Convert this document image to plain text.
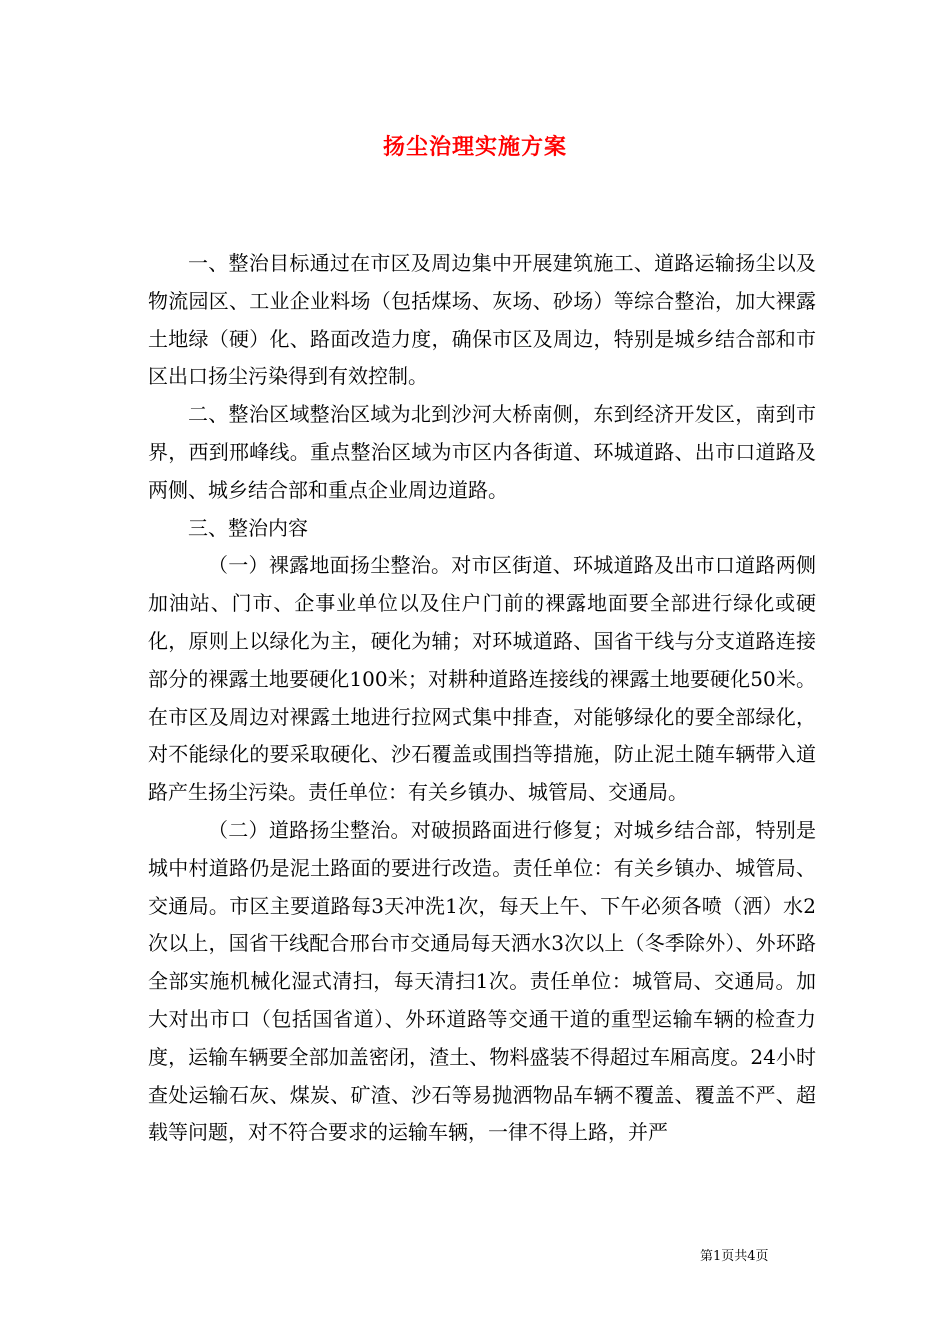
扬尘治理实施方案

一、整治目标通过在市区及周边集中开展建筑施工、道路运输扬尘以及物流园区、工业企业料场（包括煤场、灰场、砂场）等综合整治，加大裸露土地绿（硬）化、路面改造力度，确保市区及周边，特别是城乡结合部和市区出口扬尘污染得到有效控制。

二、整治区域整治区域为北到沙河大桥南侧，东到经济开发区，南到市界，西到邢峰线。重点整治区域为市区内各街道、环城道路、出市口道路及两侧、城乡结合部和重点企业周边道路。

三、整治内容

（一）裸露地面扬尘整治。对市区街道、环城道路及出市口道路两侧加油站、门市、企事业单位以及住户门前的裸露地面要全部进行绿化或硬化，原则上以绿化为主，硬化为辅；对环城道路、国省干线与分支道路连接部分的裸露土地要硬化100米；对耕种道路连接线的裸露土地要硬化50米。在市区及周边对裸露土地进行拉网式集中排查，对能够绿化的要全部绿化，对不能绿化的要采取硬化、沙石覆盖或围挡等措施，防止泥土随车辆带入道路产生扬尘污染。责任单位：有关乡镇办、城管局、交通局。

（二）道路扬尘整治。对破损路面进行修复；对城乡结合部，特别是城中村道路仍是泥土路面的要进行改造。责任单位：有关乡镇办、城管局、交通局。市区主要道路每3天冲洗1次，每天上午、下午必须各喷（洒）水2次以上，国省干线配合邢台市交通局每天洒水3次以上（冬季除外）、外环路全部实施机械化湿式清扫，每天清扫1次。责任单位：城管局、交通局。加大对出市口（包括国省道）、外环道路等交通干道的重型运输车辆的检查力度，运输车辆要全部加盖密闭，渣土、物料盛装不得超过车厢高度。24小时查处运输石灰、煤炭、矿渣、沙石等易抛洒物品车辆不覆盖、覆盖不严、超载等问题，对不符合要求的运输车辆，一律不得上路，并严

第1页共4页
